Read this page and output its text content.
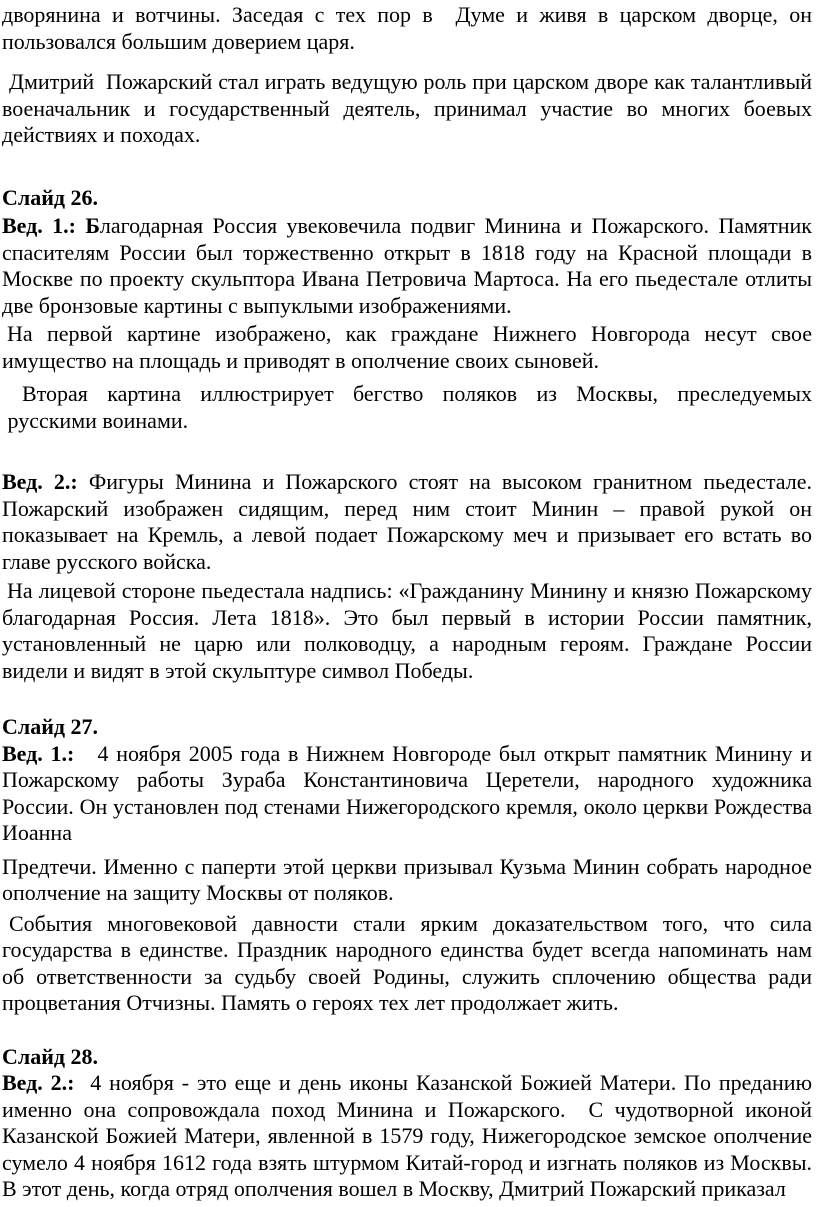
дворянина и вотчины. Заседая с тех пор в  Думе и живя в царском дворце, он пользовался большим доверием царя.

Дмитрий  Пожарский стал играть ведущую роль при царском дворе как талантливый военачальник и государственный деятель, принимал участие во многих боевых действиях и походах.

Слайд 26.

Вед. 1.: Благодарная Россия увековечила подвиг Минина и Пожарского. Памятник спасителям России был торжественно открыт в 1818 году на Красной площади в Москве по проекту скульптора Ивана Петровича Мартоса. На его пьедестале отлиты две бронзовые картины с выпуклыми изображениями.

На первой картине изображено, как граждане Нижнего Новгорода несут свое имущество на площадь и приводят в ополчение своих сыновей.

Вторая картина иллюстрирует бегство поляков из Москвы, преследуемых  русскими воинами.

Вед. 2.: Фигуры Минина и Пожарского стоят на высоком гранитном пьедестале. Пожарский изображен сидящим, перед ним стоит Минин – правой рукой он показывает на Кремль, а левой подает Пожарскому меч и призывает его встать во главе русского войска.

На лицевой стороне пьедестала надпись: «Гражданину Минину и князю Пожарскому благодарная Россия. Лета 1818». Это был первый в истории России памятник, установленный не царю или полководцу, а народным героям. Граждане России видели и видят в этой скульптуре символ Победы.

Слайд 27.

Вед. 1.:   4 ноября 2005 года в Нижнем Новгороде был открыт памятник Минину и Пожарскому работы Зураба Константиновича Церетели, народного художника России. Он установлен под стенами Нижегородского кремля, около церкви Рождества Иоанна

Предтечи. Именно с паперти этой церкви призывал Кузьма Минин собрать народное ополчение на защиту Москвы от поляков.

События многовековой давности стали ярким доказательством того, что сила государства в единстве. Праздник народного единства будет всегда напоминать нам об ответственности за судьбу своей Родины, служить сплочению общества ради процветания Отчизны. Память о героях тех лет продолжает жить.

Слайд 28.

Вед. 2.:  4 ноября - это еще и день иконы Казанской Божией Матери. По преданию именно она сопровождала поход Минина и Пожарского.  С чудотворной иконой Казанской Божией Матери, явленной в 1579 году, Нижегородское земское ополчение сумело 4 ноября 1612 года взять штурмом Китай-город и изгнать поляков из Москвы. В этот день, когда отряд ополчения вошел в Москву, Дмитрий Пожарский приказал
